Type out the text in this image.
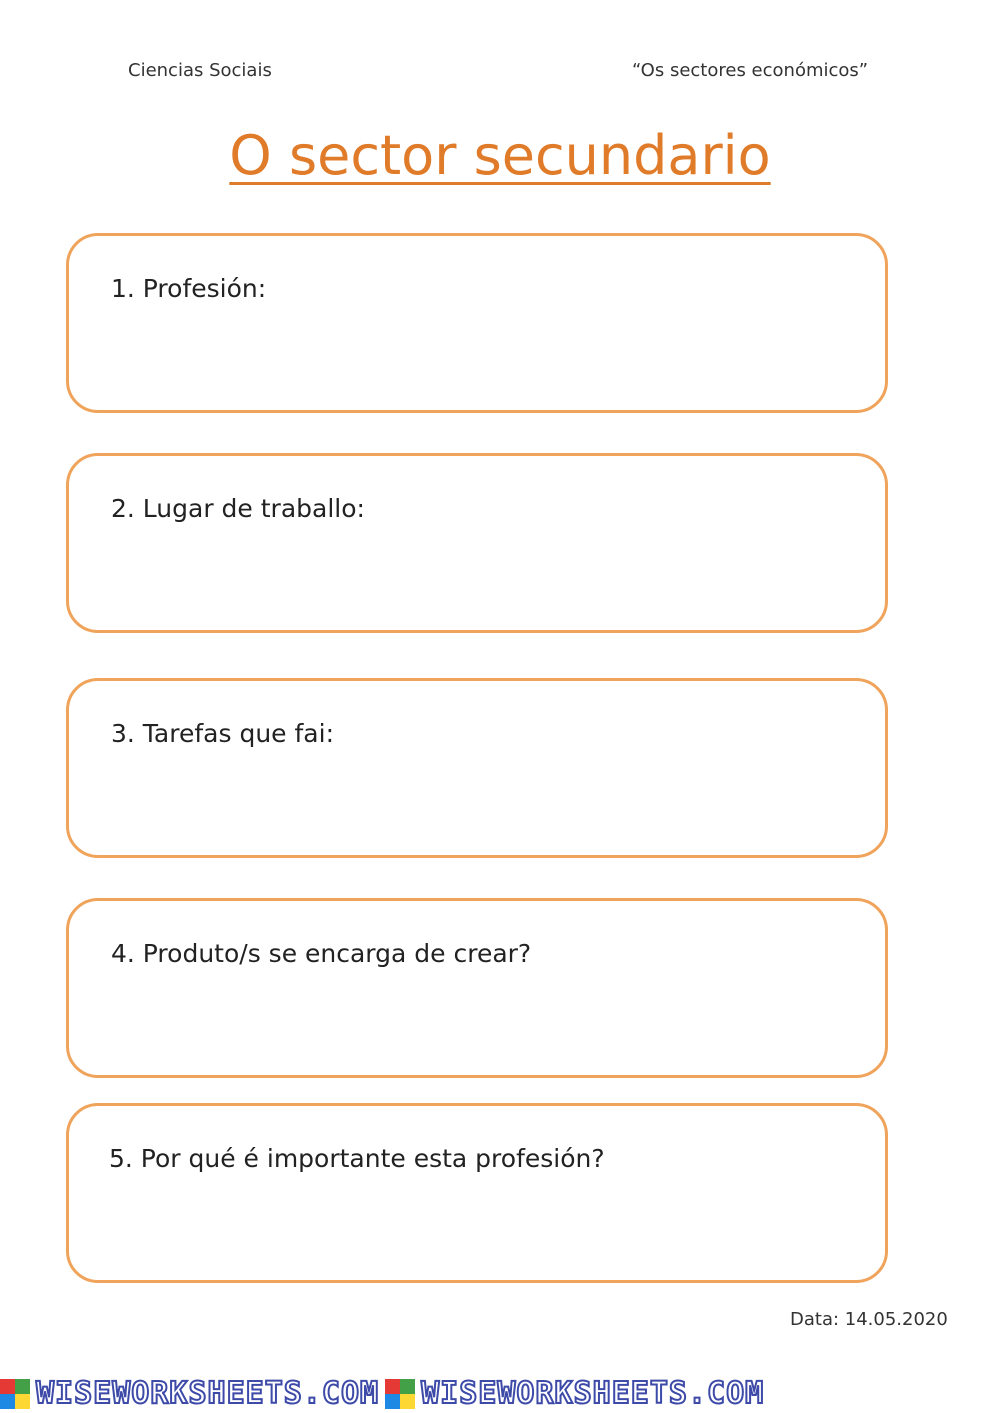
Ciencias Sociais	“Os sectores económicos”
O sector secundario
1. Profesión:
2. Lugar de traballo:
3. Tarefas que fai:
4. Produto/s se encarga de crear?
5. Por qué é importante esta profesión?
Data: 14.05.2020
WISEWORKSHEETS.COM WISEWORKSHEETS.COM
